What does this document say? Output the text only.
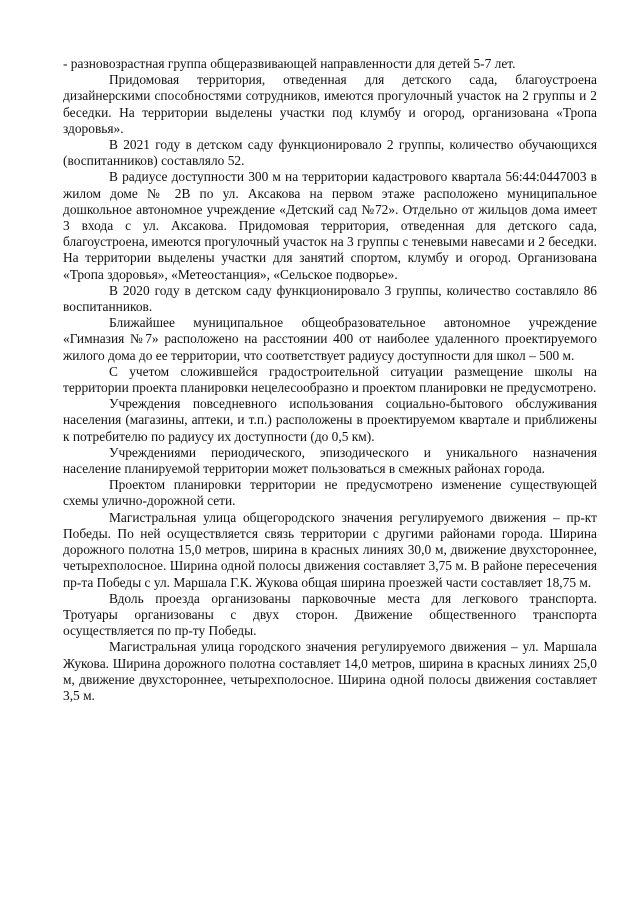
- разновозрастная группа общеразвивающей направленности для детей 5-7 лет.

Придомовая территория, отведенная для детского сада, благоустроена дизайнерскими способностями сотрудников, имеются прогулочный участок на 2 группы и 2 беседки. На территории выделены участки под клумбу и огород, организована «Тропа здоровья».

В 2021 году в детском саду функционировало 2 группы, количество обучающихся (воспитанников) составляло 52.

В радиусе доступности 300 м на территории кадастрового квартала 56:44:0447003 в жилом доме № 2В по ул. Аксакова на первом этаже расположено муниципальное дошкольное автономное учреждение «Детский сад №72». Отдельно от жильцов дома имеет 3 входа с ул. Аксакова. Придомовая территория, отведенная для детского сада, благоустроена, имеются прогулочный участок на 3 группы с теневыми навесами и 2 беседки. На территории выделены участки для занятий спортом, клумбу и огород. Организована «Тропа здоровья», «Метеостанция», «Сельское подворье».

В 2020 году в детском саду функционировало 3 группы, количество составляло 86 воспитанников.

Ближайшее муниципальное общеобразовательное автономное учреждение «Гимназия №7» расположено на расстоянии 400 от наиболее удаленного проектируемого жилого дома до ее территории, что соответствует радиусу доступности для школ – 500 м.

С учетом сложившейся градостроительной ситуации размещение школы на территории проекта планировки нецелесообразно и проектом планировки не предусмотрено.

Учреждения повседневного использования социально-бытового обслуживания населения (магазины, аптеки, и т.п.) расположены в проектируемом квартале и приближены к потребителю по радиусу их доступности (до 0,5 км).

Учреждениями периодического, эпизодического и уникального назначения население планируемой территории может пользоваться в смежных районах города.

Проектом планировки территории не предусмотрено изменение существующей схемы улично-дорожной сети.

Магистральная улица общегородского значения регулируемого движения – пр-кт Победы. По ней осуществляется связь территории с другими районами города. Ширина дорожного полотна 15,0 метров, ширина в красных линиях 30,0 м, движение двухстороннее, четырехполосное. Ширина одной полосы движения составляет 3,75 м. В районе пересечения пр-та Победы с ул. Маршала Г.К. Жукова общая ширина проезжей части составляет 18,75 м.

Вдоль проезда организованы парковочные места для легкового транспорта. Тротуары организованы с двух сторон. Движение общественного транспорта осуществляется по пр-ту Победы.

Магистральная улица городского значения регулируемого движения – ул. Маршала Жукова. Ширина дорожного полотна составляет 14,0 метров, ширина в красных линиях 25,0 м, движение двухстороннее, четырехполосное. Ширина одной полосы движения составляет 3,5 м.
